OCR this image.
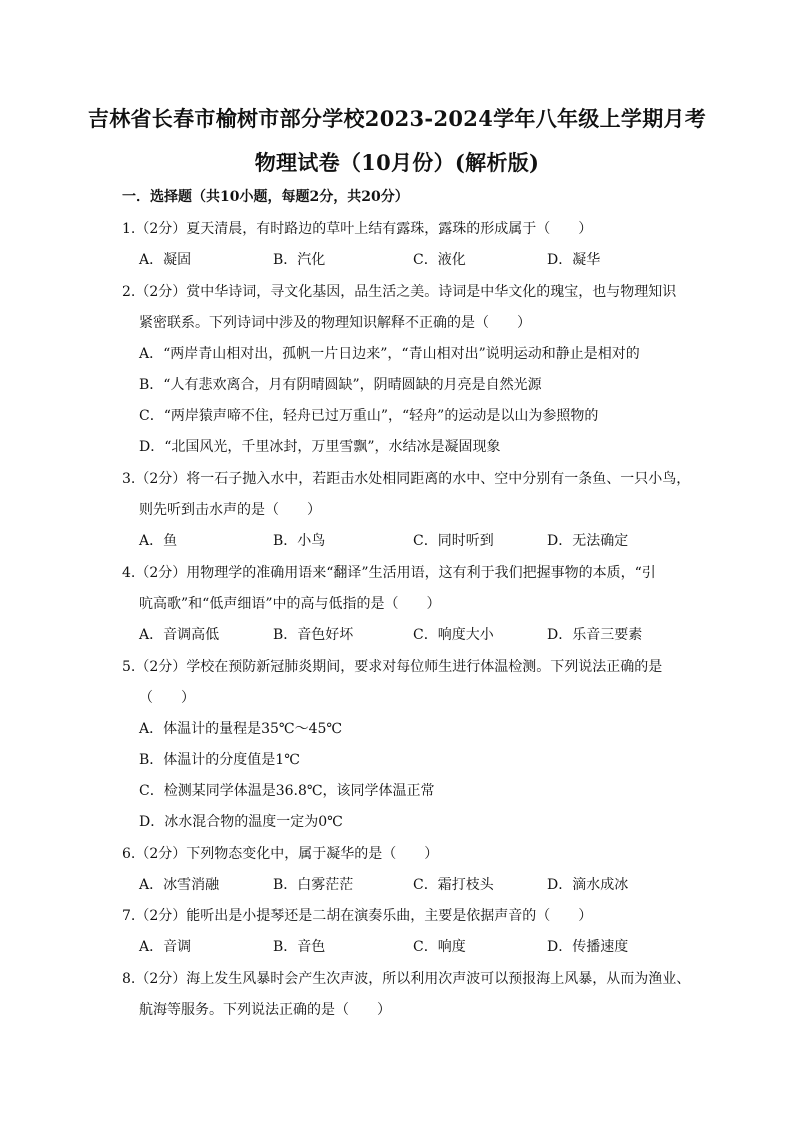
吉林省长春市榆树市部分学校2023-2024学年八年级上学期月考
物理试卷（10月份）(解析版)
一．选择题（共10小题，每题2分，共20分）
1.（2分）夏天清晨，有时路边的草叶上结有露珠，露珠的形成属于（　　）
A．凝固	B．汽化	C．液化	D．凝华
2.（2分）赏中华诗词，寻文化基因，品生活之美。诗词是中华文化的瑰宝，也与物理知识
紧密联系。下列诗词中涉及的物理知识解释不正确的是（　　）
A．“两岸青山相对出，孤帆一片日边来”，“青山相对出”说明运动和静止是相对的
B．“人有悲欢离合，月有阴晴圆缺”，阴晴圆缺的月亮是自然光源
C．“两岸猿声啼不住，轻舟已过万重山”，“轻舟”的运动是以山为参照物的
D．“北国风光，千里冰封，万里雪飘”，水结冰是凝固现象
3.（2分）将一石子抛入水中，若距击水处相同距离的水中、空中分别有一条鱼、一只小鸟，
则先听到击水声的是（　　）
A．鱼	B．小鸟	C．同时听到	D．无法确定
4.（2分）用物理学的准确用语来“翻译”生活用语，这有利于我们把握事物的本质，“引
吭高歌”和“低声细语”中的高与低指的是（　　）
A．音调高低	B．音色好坏	C．响度大小	D．乐音三要素
5.（2分）学校在预防新冠肺炎期间，要求对每位师生进行体温检测。下列说法正确的是
（　　）
A．体温计的量程是35℃～45℃
B．体温计的分度值是1℃
C．检测某同学体温是36.8℃，该同学体温正常
D．冰水混合物的温度一定为0℃
6.（2分）下列物态变化中，属于凝华的是（　　）
A．冰雪消融	B．白雾茫茫	C．霜打枝头	D．滴水成冰
7.（2分）能听出是小提琴还是二胡在演奏乐曲，主要是依据声音的（　　）
A．音调	B．音色	C．响度	D．传播速度
8.（2分）海上发生风暴时会产生次声波，所以利用次声波可以预报海上风暴，从而为渔业、
航海等服务。下列说法正确的是（　　）
